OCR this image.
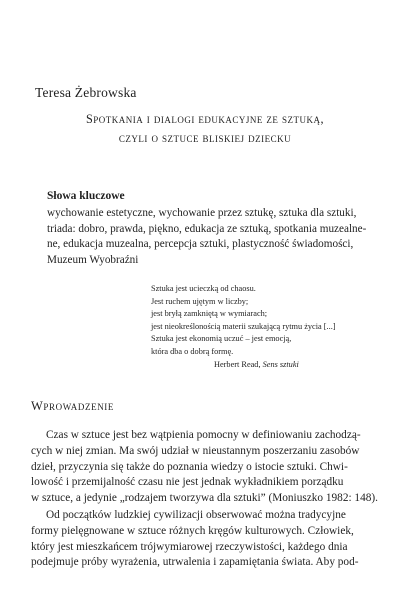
Teresa Żebrowska
Spotkania i dialogi edukacyjne ze sztuką,
czyli o sztuce bliskiej dziecku
Słowa kluczowe
wychowanie estetyczne, wychowanie przez sztukę, sztuka dla sztuki,
triada: dobro, prawda, piękno, edukacja ze sztuką, spotkania muzealne-
ne, edukacja muzealna, percepcja sztuki, plastyczność świadomości,
Muzeum Wyobraźni
Sztuka jest ucieczką od chaosu.
Jest ruchem ujętym w liczby;
jest bryłą zamkniętą w wymiarach;
jest nieokreślonością materii szukającą rytmu życia [...]
Sztuka jest ekonomią uczuć – jest emocją,
która dba o dobrą formę.
Herbert Read, Sens sztuki
Wprowadzenie
Czas w sztuce jest bez wątpienia pomocny w definiowaniu zachodzą-
cych w niej zmian. Ma swój udział w nieustannym poszerzaniu zasobów
dzieł, przyczynia się także do poznania wiedzy o istocie sztuki. Chwi-
lowość i przemijalność czasu nie jest jednak wykładnikiem porządku
w sztuce, a jedynie „rodzajem tworzywa dla sztuki” (Moniuszko 1982: 148).
Od początków ludzkiej cywilizacji obserwować można tradycyjne
formy pielęgnowane w sztuce różnych kręgów kulturowych. Człowiek,
który jest mieszkańcem trójwymiarowej rzeczywistości, każdego dnia
podejmuje próby wyrażenia, utrwalenia i zapamiętania świata. Aby pod-
